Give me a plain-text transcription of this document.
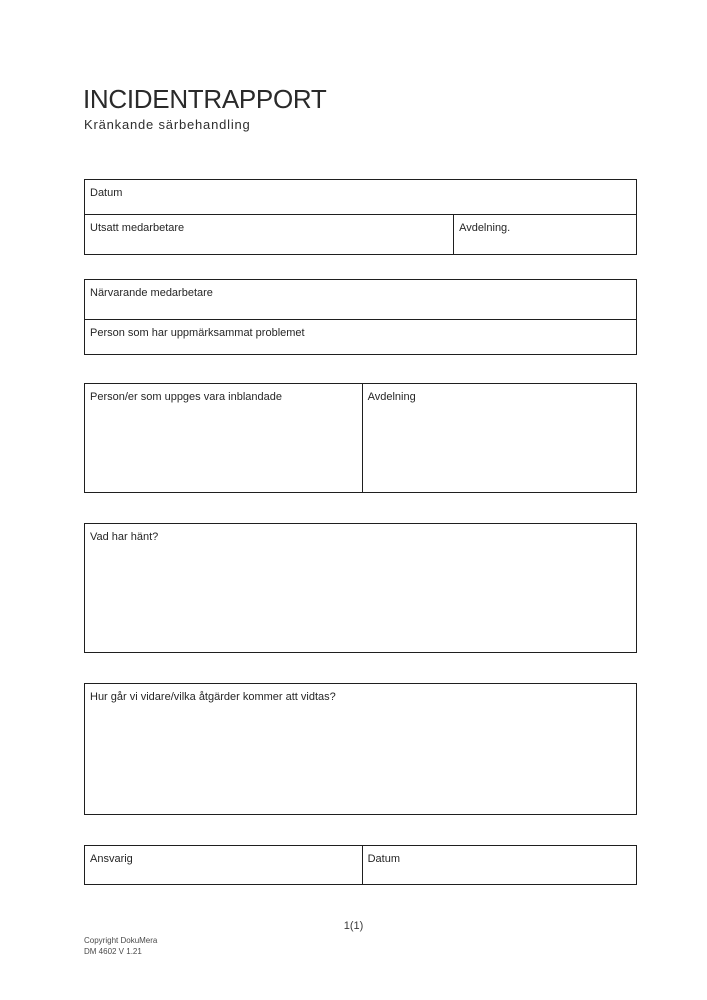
INCIDENTRAPPORT
Kränkande särbehandling
Datum
Utsatt medarbetare	Avdelning.
Närvarande medarbetare
Person som har uppmärksammat problemet
Person/er som uppges vara inblandade	Avdelning
Vad har hänt?
Hur går vi vidare/vilka åtgärder kommer att vidtas?
Ansvarig	Datum
1(1)
Copyright DokuMera
DM 4602 V 1.21
